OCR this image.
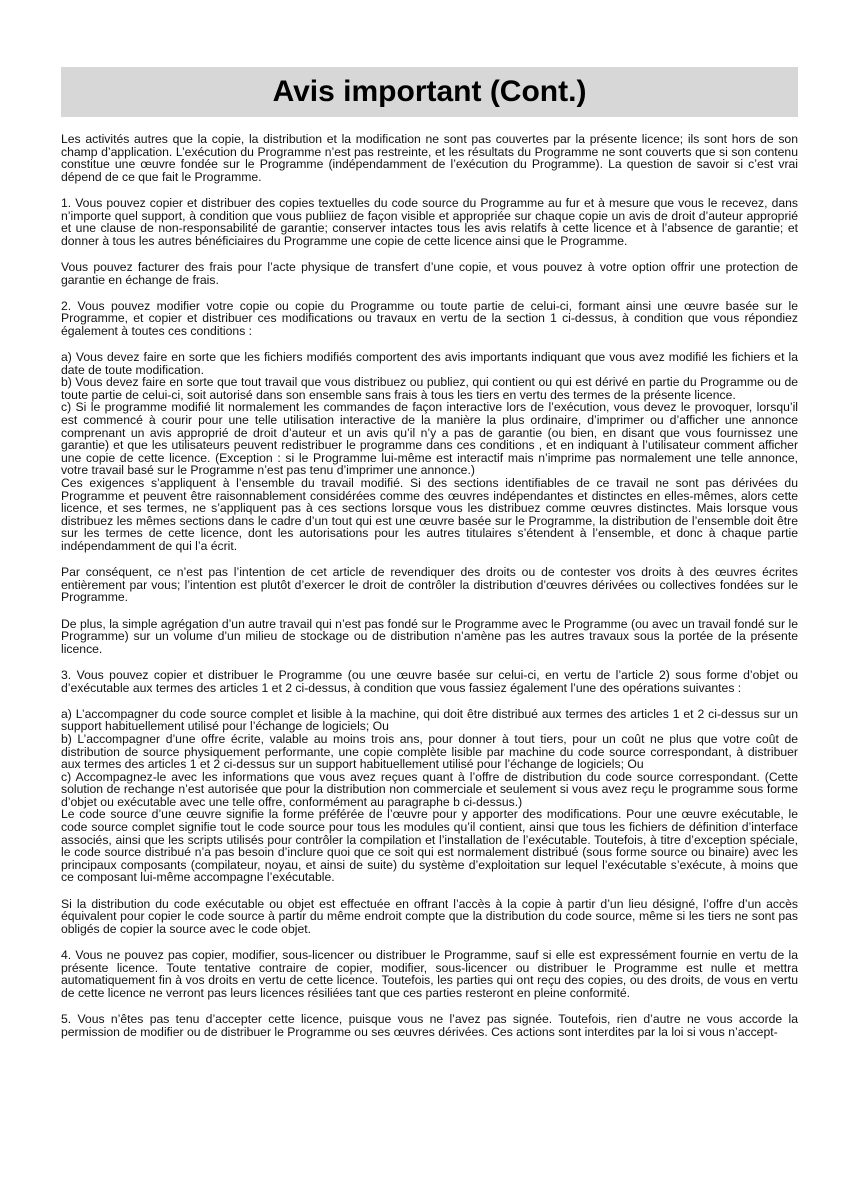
Avis important (Cont.)

Les activités autres que la copie, la distribution et la modification ne sont pas couvertes par la présente licence; ils sont hors de son champ d’application. L’exécution du Programme n’est pas restreinte, et les résultats du Programme ne sont couverts que si son contenu constitue une œuvre fondée sur le Programme (indépendamment de l’exécution du Programme). La question de savoir si c’est vrai dépend de ce que fait le Programme.

1. Vous pouvez copier et distribuer des copies textuelles du code source du Programme au fur et à mesure que vous le recevez, dans n’importe quel support, à condition que vous publiiez de façon visible et appropriée sur chaque copie un avis de droit d’auteur approprié et une clause de non-responsabilité de garantie; conserver intactes tous les avis relatifs à cette licence et à l’absence de garantie; et donner à tous les autres bénéficiaires du Programme une copie de cette licence ainsi que le Programme.

Vous pouvez facturer des frais pour l’acte physique de transfert d’une copie, et vous pouvez à votre option offrir une protection de garantie en échange de frais.

2. Vous pouvez modifier votre copie ou copie du Programme ou toute partie de celui-ci, formant ainsi une œuvre basée sur le Programme, et copier et distribuer ces modifications ou travaux en vertu de la section 1 ci-dessus, à condition que vous répondiez également à toutes ces conditions :

a) Vous devez faire en sorte que les fichiers modifiés comportent des avis importants indiquant que vous avez modifié les fichiers et la date de toute modification.

b) Vous devez faire en sorte que tout travail que vous distribuez ou publiez, qui contient ou qui est dérivé en partie du Programme ou de toute partie de celui-ci, soit autorisé dans son ensemble sans frais à tous les tiers en vertu des termes de la présente licence.

c) Si le programme modifié lit normalement les commandes de façon interactive lors de l’exécution, vous devez le provoquer, lorsqu’il est commencé à courir pour une telle utilisation interactive de la manière la plus ordinaire, d’imprimer ou d’afficher une annonce comprenant un avis approprié de droit d’auteur et un avis qu’il n’y a pas de garantie (ou bien, en disant que vous fournissez une garantie) et que les utilisateurs peuvent redistribuer le programme dans ces conditions , et en indiquant à l’utilisateur comment afficher une copie de cette licence. (Exception : si le Programme lui-même est interactif mais n’imprime pas normalement une telle annonce, votre travail basé sur le Programme n’est pas tenu d’imprimer une annonce.)

Ces exigences s’appliquent à l’ensemble du travail modifié. Si des sections identifiables de ce travail ne sont pas dérivées du Programme et peuvent être raisonnablement considérées comme des œuvres indépendantes et distinctes en elles-mêmes, alors cette licence, et ses termes, ne s’appliquent pas à ces sections lorsque vous les distribuez comme œuvres distinctes. Mais lorsque vous distribuez les mêmes sections dans le cadre d’un tout qui est une œuvre basée sur le Programme, la distribution de l’ensemble doit être sur les termes de cette licence, dont les autorisations pour les autres titulaires s’étendent à l’ensemble, et donc à chaque partie indépendamment de qui l’a écrit.

Par conséquent, ce n’est pas l’intention de cet article de revendiquer des droits ou de contester vos droits à des œuvres écrites entièrement par vous; l’intention est plutôt d’exercer le droit de contrôler la distribution d’œuvres dérivées ou collectives fondées sur le Programme.

De plus, la simple agrégation d’un autre travail qui n’est pas fondé sur le Programme avec le Programme (ou avec un travail fondé sur le Programme) sur un volume d’un milieu de stockage ou de distribution n’amène pas les autres travaux sous la portée de la présente licence.

3. Vous pouvez copier et distribuer le Programme (ou une œuvre basée sur celui-ci, en vertu de l’article 2) sous forme d’objet ou d’exécutable aux termes des articles 1 et 2 ci-dessus, à condition que vous fassiez également l’une des opérations suivantes :

a) L’accompagner du code source complet et lisible à la machine, qui doit être distribué aux termes des articles 1 et 2 ci-dessus sur un support habituellement utilisé pour l’échange de logiciels; Ou

b) L’accompagner d’une offre écrite, valable au moins trois ans, pour donner à tout tiers, pour un coût ne plus que votre coût de distribution de source physiquement performante, une copie complète lisible par machine du code source correspondant, à distribuer aux termes des articles 1 et 2 ci-dessus sur un support habituellement utilisé pour l’échange de logiciels; Ou

c) Accompagnez-le avec les informations que vous avez reçues quant à l’offre de distribution du code source correspondant. (Cette solution de rechange n’est autorisée que pour la distribution non commerciale et seulement si vous avez reçu le programme sous forme d’objet ou exécutable avec une telle offre, conformément au paragraphe b ci-dessus.)

Le code source d’une œuvre signifie la forme préférée de l’œuvre pour y apporter des modifications. Pour une œuvre exécutable, le code source complet signifie tout le code source pour tous les modules qu’il contient, ainsi que tous les fichiers de définition d’interface associés, ainsi que les scripts utilisés pour contrôler la compilation et l’installation de l’exécutable. Toutefois, à titre d’exception spéciale, le code source distribué n’a pas besoin d’inclure quoi que ce soit qui est normalement distribué (sous forme source ou binaire) avec les principaux composants (compilateur, noyau, et ainsi de suite) du système d’exploitation sur lequel l’exécutable s’exécute, à moins que ce composant lui-même accompagne l’exécutable.

Si la distribution du code exécutable ou objet est effectuée en offrant l’accès à la copie à partir d’un lieu désigné, l’offre d’un accès équivalent pour copier le code source à partir du même endroit compte que la distribution du code source, même si les tiers ne sont pas obligés de copier la source avec le code objet.

4. Vous ne pouvez pas copier, modifier, sous-licencer ou distribuer le Programme, sauf si elle est expressément fournie en vertu de la présente licence. Toute tentative contraire de copier, modifier, sous-licencer ou distribuer le Programme est nulle et mettra automatiquement fin à vos droits en vertu de cette licence. Toutefois, les parties qui ont reçu des copies, ou des droits, de vous en vertu de cette licence ne verront pas leurs licences résiliées tant que ces parties resteront en pleine conformité.

5. Vous n’êtes pas tenu d’accepter cette licence, puisque vous ne l’avez pas signée. Toutefois, rien d’autre ne vous accorde la permission de modifier ou de distribuer le Programme ou ses œuvres dérivées. Ces actions sont interdites par la loi si vous n’accept-
